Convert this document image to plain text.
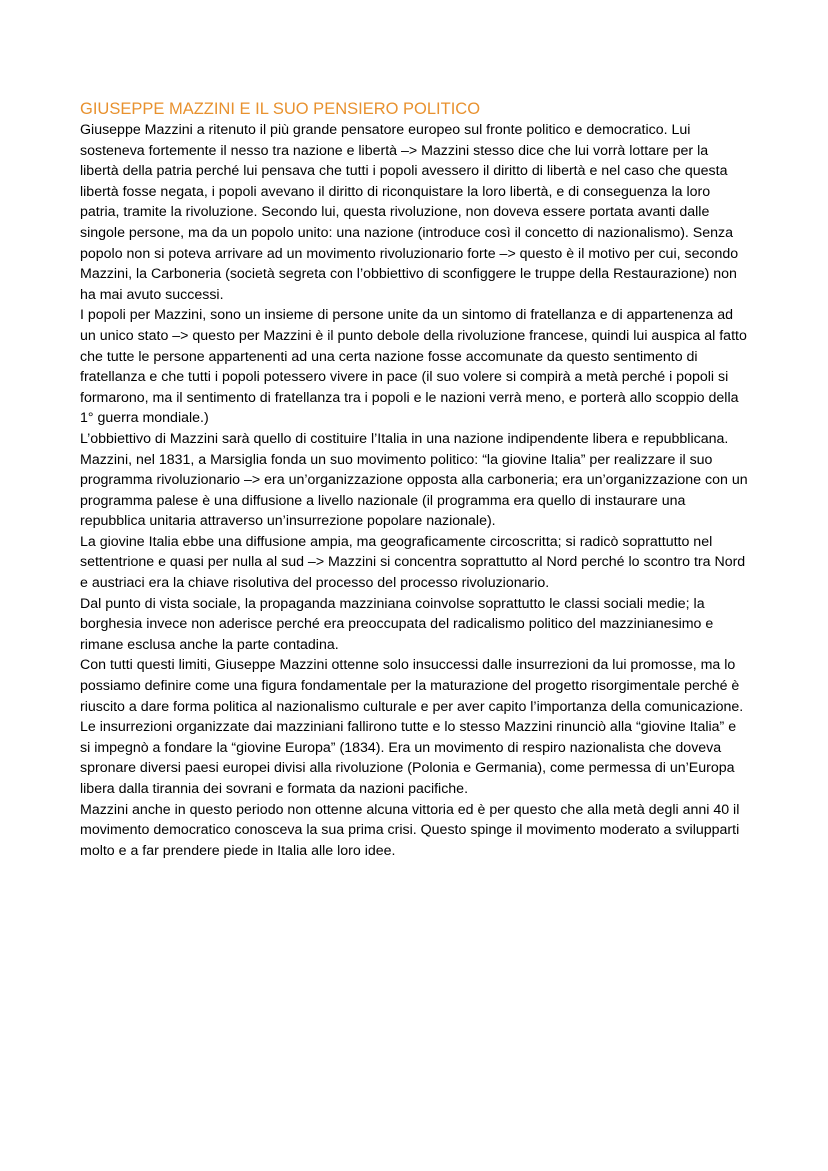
GIUSEPPE MAZZINI E IL SUO PENSIERO POLITICO

Giuseppe Mazzini a ritenuto il più grande pensatore europeo sul fronte politico e democratico. Lui sosteneva fortemente il nesso tra nazione e libertà –> Mazzini stesso dice che lui vorrà lottare per la libertà della patria perché lui pensava che tutti i popoli avessero il diritto di libertà e nel caso che questa libertà fosse negata, i popoli avevano il diritto di riconquistare la loro libertà, e di conseguenza la loro patria, tramite la rivoluzione. Secondo lui, questa rivoluzione, non doveva essere portata avanti dalle singole persone, ma da un popolo unito: una nazione (introduce così il concetto di nazionalismo). Senza popolo non si poteva arrivare ad un movimento rivoluzionario forte –> questo è il motivo per cui, secondo Mazzini, la Carboneria (società segreta con l’obbiettivo di sconfiggere le truppe della Restaurazione) non ha mai avuto successi.

I popoli per Mazzini, sono un insieme di persone unite da un sintomo di fratellanza e di appartenenza ad un unico stato –> questo per Mazzini è il punto debole della rivoluzione francese, quindi lui auspica al fatto che tutte le persone appartenenti ad una certa nazione fosse accomunate da questo sentimento di fratellanza e che tutti i popoli potessero vivere in pace (il suo volere si compirà a metà perché i popoli si formarono, ma il sentimento di fratellanza tra i popoli e le nazioni verrà meno, e porterà allo scoppio della 1° guerra mondiale.)

L’obbiettivo di Mazzini sarà quello di costituire l’Italia in una nazione indipendente libera e repubblicana.

Mazzini, nel 1831, a Marsiglia fonda un suo movimento politico: “la giovine Italia” per realizzare il suo programma rivoluzionario –> era un’organizzazione opposta alla carboneria; era un’organizzazione con un programma palese è una diffusione a livello nazionale (il programma era quello di instaurare una repubblica unitaria attraverso un’insurrezione popolare nazionale).

La giovine Italia ebbe una diffusione ampia, ma geograficamente circoscritta; si radicò soprattutto nel settentrione e quasi per nulla al sud –> Mazzini si concentra soprattutto al Nord perché lo scontro tra Nord e austriaci era la chiave risolutiva del processo del processo rivoluzionario.

Dal punto di vista sociale, la propaganda mazziniana coinvolse soprattutto le classi sociali medie; la borghesia invece non aderisce perché era preoccupata del radicalismo politico del mazzinianesimo e rimane esclusa anche la parte contadina.

Con tutti questi limiti, Giuseppe Mazzini ottenne solo insuccessi dalle insurrezioni da lui promosse, ma lo possiamo definire come una figura fondamentale per la maturazione del progetto risorgimentale perché è riuscito a dare forma politica al nazionalismo culturale e per aver capito l’importanza della comunicazione.

Le insurrezioni organizzate dai mazziniani fallirono tutte e lo stesso Mazzini rinunciò alla “giovine Italia” e si impegnò a fondare la “giovine Europa” (1834). Era un movimento di respiro nazionalista che doveva spronare diversi paesi europei divisi alla rivoluzione (Polonia e Germania), come permessa di un’Europa libera dalla tirannia dei sovrani e formata da nazioni pacifiche.

Mazzini anche in questo periodo non ottenne alcuna vittoria ed è per questo che alla metà degli anni 40 il movimento democratico conosceva la sua prima crisi. Questo spinge il movimento moderato a svilupparti molto e a far prendere piede in Italia alle loro idee.
